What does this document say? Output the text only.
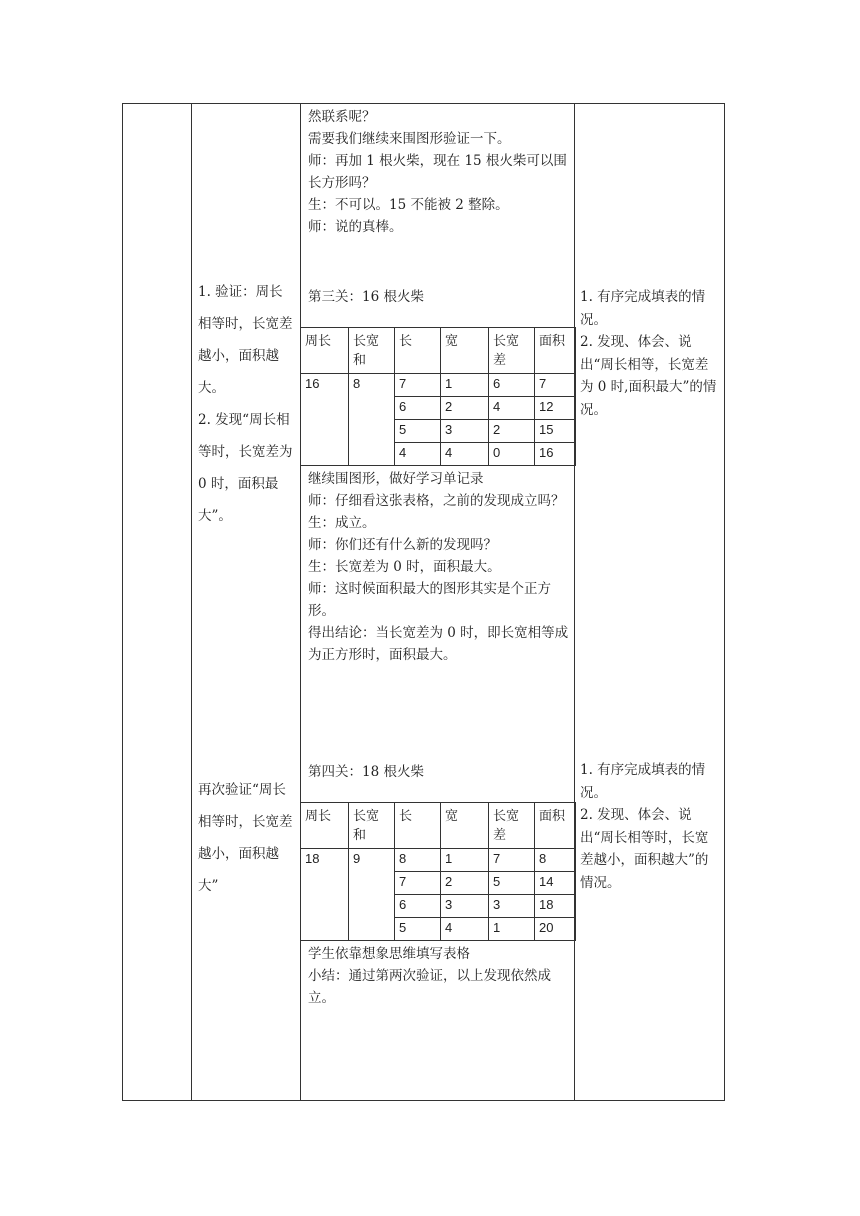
然联系呢？

需要我们继续来围图形验证一下。

师：再加 1 根火柴，现在 15 根火柴可以围长方形吗？

生：不可以。15 不能被 2 整除。

师：说的真棒。

第三关：16 根火柴
周长	长宽和	长	宽	长宽差	面积
16	8	7	1	6	7
		6	2	4	12
		5	3	2	15
		4	4	0	16

继续围图形，做好学习单记录

师：仔细看这张表格，之前的发现成立吗？

生：成立。

师：你们还有什么新的发现吗？

生：长宽差为 0 时，面积最大。

师：这时候面积最大的图形其实是个正方形。

得出结论：当长宽差为 0 时，即长宽相等成为正方形时，面积最大。

第四关：18 根火柴
周长	长宽和	长	宽	长宽差	面积
18	9	8	1	7	8
		7	2	5	14
		6	3	3	18
		5	4	1	20

学生依靠想象思维填写表格

小结：通过第两次验证，以上发现依然成立。

1. 验证：周长相等时，长宽差越小，面积越大。

2. 发现“周长相等时，长宽差为 0 时，面积最大”。

再次验证“周长相等时，长宽差越小，面积越大”

1. 有序完成填表的情况。

2. 发现、体会、说出“周长相等，长宽差为 0 时,面积最大”的情况。

1. 有序完成填表的情况。

2. 发现、体会、说出“周长相等时，长宽差越小，面积越大”的情况。
